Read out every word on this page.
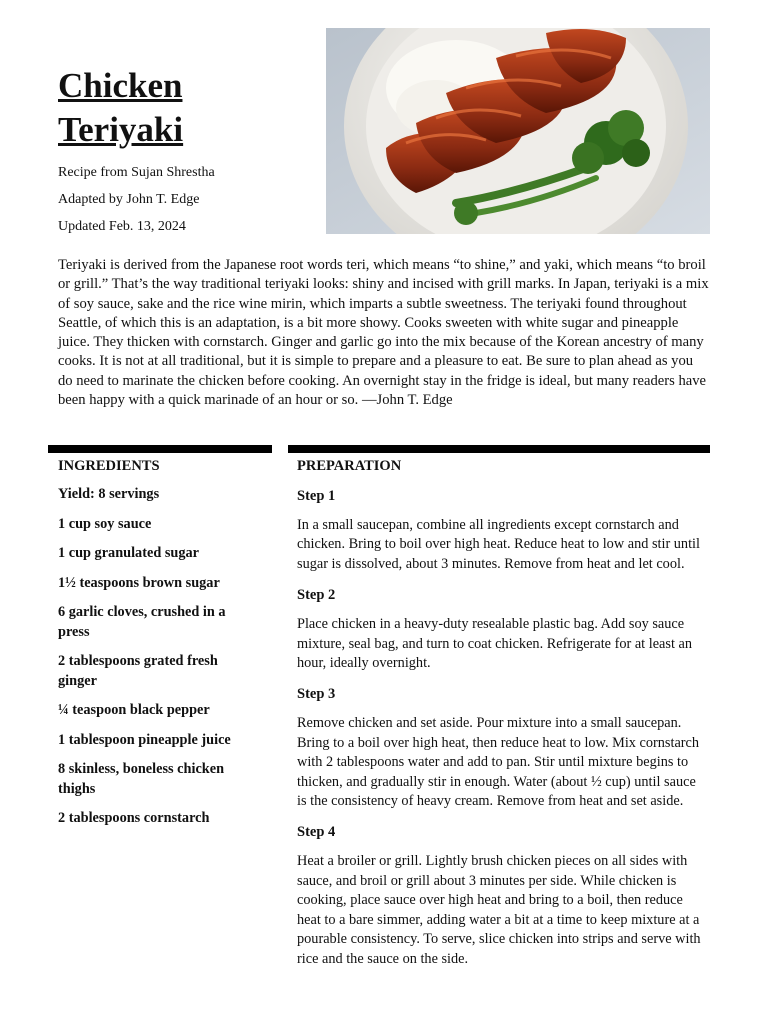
Chicken
Teriyaki
Recipe from Sujan Shrestha
Adapted by John T. Edge
Updated Feb. 13, 2024

Teriyaki is derived from the Japanese root words teri, which means “to shine,” and yaki, which means “to broil or grill.” That’s the way traditional teriyaki looks: shiny and incised with grill marks. In Japan, teriyaki is a mix of soy sauce, sake and the rice wine mirin, which imparts a subtle sweetness. The teriyaki found throughout Seattle, of which this is an adaptation, is a bit more showy. Cooks sweeten with white sugar and pineapple juice. They thicken with cornstarch. Ginger and garlic go into the mix because of the Korean ancestry of many cooks. It is not at all traditional, but it is simple to prepare and a pleasure to eat. Be sure to plan ahead as you do need to marinate the chicken before cooking. An overnight stay in the fridge is ideal, but many readers have been happy with a quick marinade of an hour or so. —John T. Edge

INGREDIENTS
Yield: 8 servings
1 cup soy sauce
1 cup granulated sugar
1½ teaspoons brown sugar
6 garlic cloves, crushed in a press
2 tablespoons grated fresh ginger
¼ teaspoon black pepper
1 tablespoon pineapple juice
8 skinless, boneless chicken thighs
2 tablespoons cornstarch
PREPARATION
Step 1
In a small saucepan, combine all ingredients except cornstarch and chicken. Bring to boil over high heat. Reduce heat to low and stir until sugar is dissolved, about 3 minutes. Remove from heat and let cool.
Step 2
Place chicken in a heavy-duty resealable plastic bag. Add soy sauce mixture, seal bag, and turn to coat chicken. Refrigerate for at least an hour, ideally overnight.
Step 3
Remove chicken and set aside. Pour mixture into a small saucepan. Bring to a boil over high heat, then reduce heat to low. Mix cornstarch with 2 tablespoons water and add to pan. Stir until mixture begins to thicken, and gradually stir in enough. Water (about ½ cup) until sauce is the consistency of heavy cream. Remove from heat and set aside.
Step 4
Heat a broiler or grill. Lightly brush chicken pieces on all sides with sauce, and broil or grill about 3 minutes per side. While chicken is cooking, place sauce over high heat and bring to a boil, then reduce heat to a bare simmer, adding water a bit at a time to keep mixture at a pourable consistency. To serve, slice chicken into strips and serve with rice and the sauce on the side.
